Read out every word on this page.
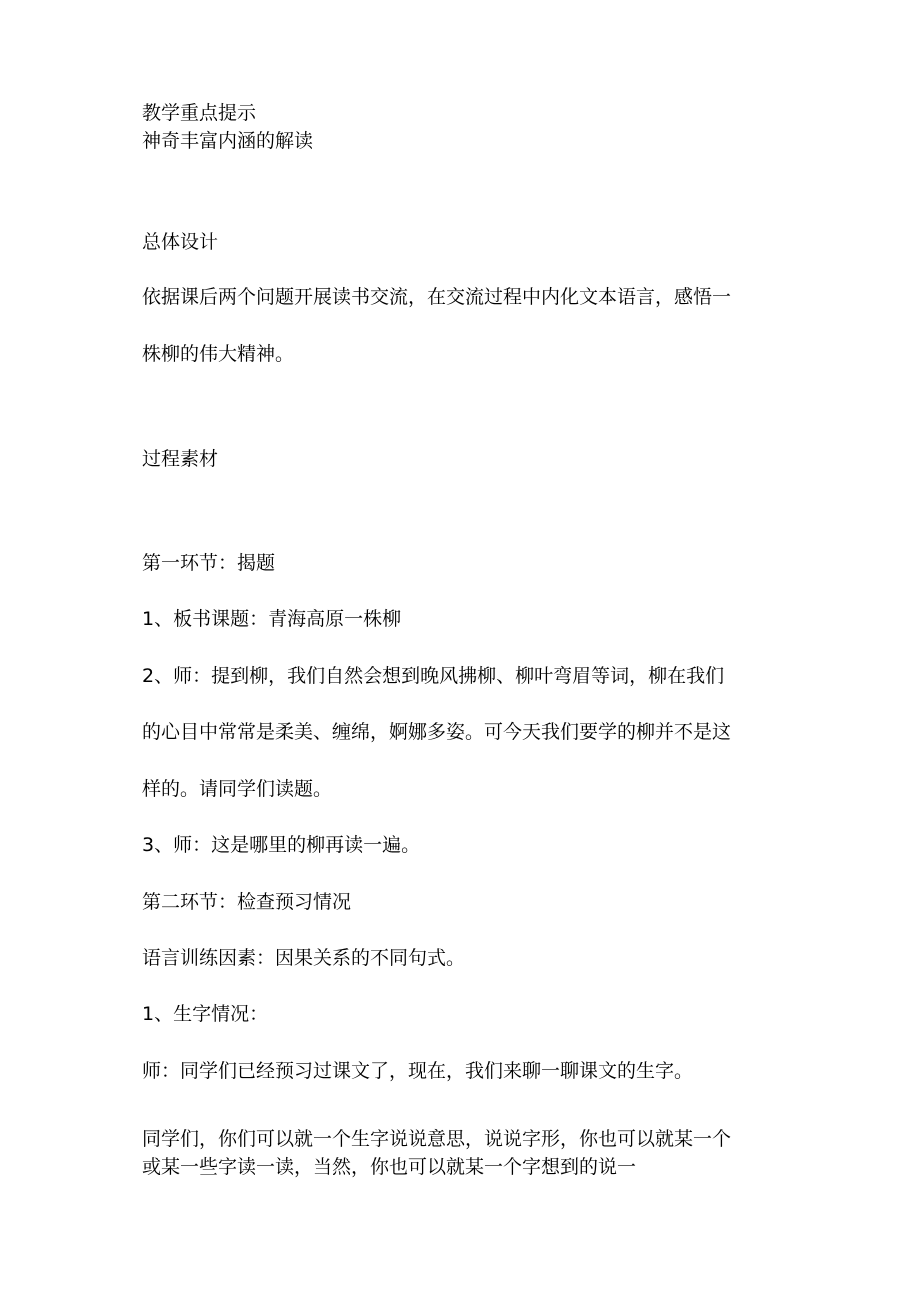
教学重点提示

神奇丰富内涵的解读

总体设计

依据课后两个问题开展读书交流，在交流过程中内化文本语言，感悟一

株柳的伟大精神。

过程素材

第一环节：揭题

1、板书课题：青海高原一株柳

2、师：提到柳，我们自然会想到晚风拂柳、柳叶弯眉等词，柳在我们

的心目中常常是柔美、缠绵，婀娜多姿。可今天我们要学的柳并不是这

样的。请同学们读题。

3、师：这是哪里的柳再读一遍。

第二环节：检查预习情况

语言训练因素：因果关系的不同句式。

1、生字情况：

师：同学们已经预习过课文了，现在，我们来聊一聊课文的生字。

同学们，你们可以就一个生字说说意思，说说字形，你也可以就某一个

或某一些字读一读，当然，你也可以就某一个字想到的说一
